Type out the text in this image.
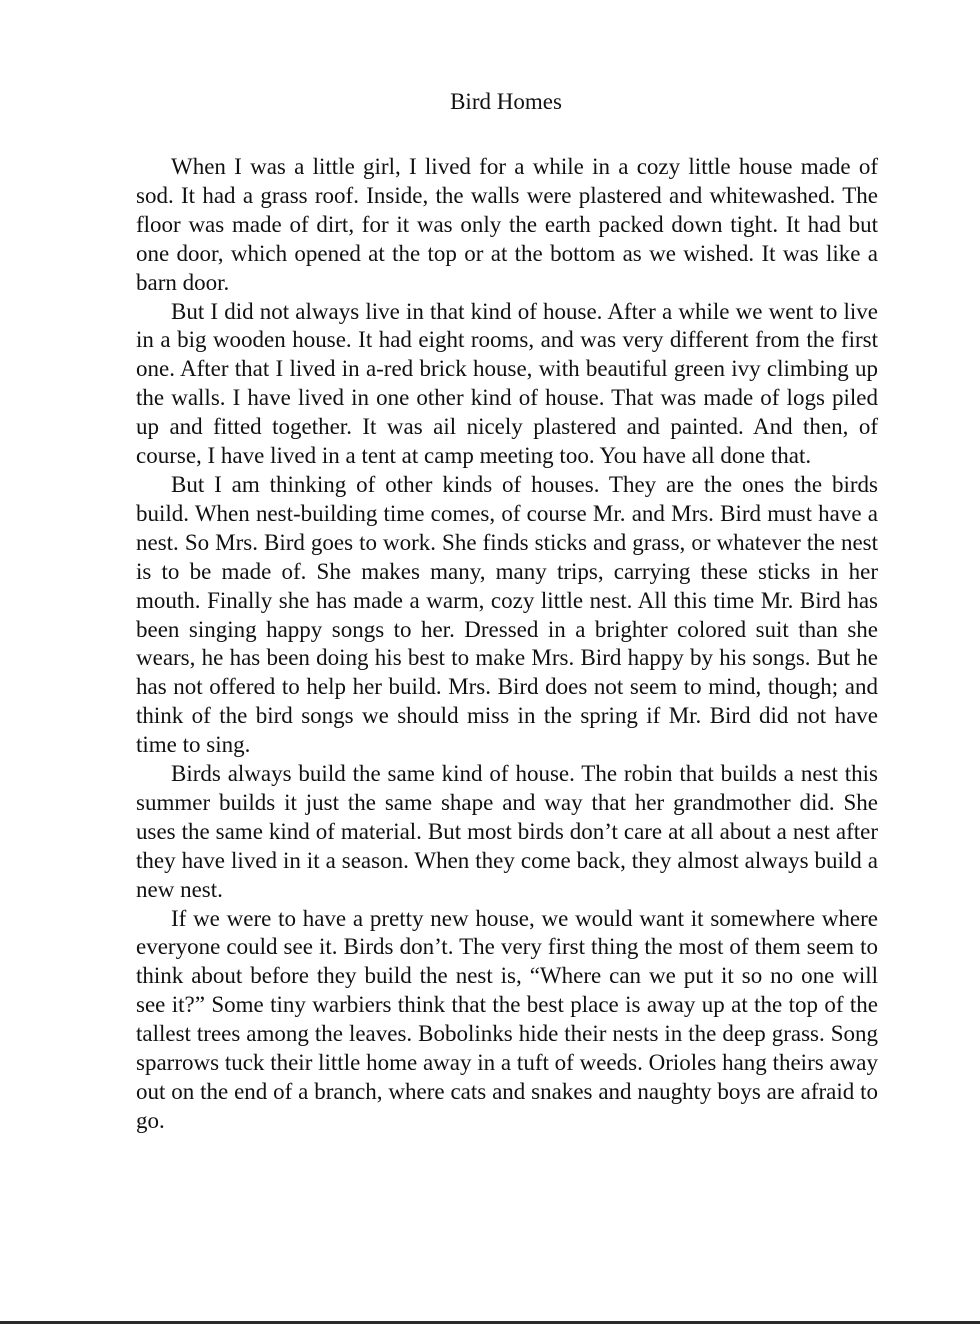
Bird Homes

When I was a little girl, I lived for a while in a cozy little house made of sod. It had a grass roof. Inside, the walls were plastered and whitewashed. The floor was made of dirt, for it was only the earth packed down tight. It had but one door, which opened at the top or at the bottom as we wished. It was like a barn door.

But I did not always live in that kind of house. After a while we went to live in a big wooden house. It had eight rooms, and was very different from the first one. After that I lived in a-red brick house, with beautiful green ivy climbing up the walls. I have lived in one other kind of house. That was made of logs piled up and fitted together. It was ail nicely plastered and painted. And then, of course, I have lived in a tent at camp meeting too. You have all done that.

But I am thinking of other kinds of houses. They are the ones the birds build. When nest-building time comes, of course Mr. and Mrs. Bird must have a nest. So Mrs. Bird goes to work. She finds sticks and grass, or whatever the nest is to be made of. She makes many, many trips, carrying these sticks in her mouth. Finally she has made a warm, cozy little nest. All this time Mr. Bird has been singing happy songs to her. Dressed in a brighter colored suit than she wears, he has been doing his best to make Mrs. Bird happy by his songs. But he has not offered to help her build. Mrs. Bird does not seem to mind, though; and think of the bird songs we should miss in the spring if Mr. Bird did not have time to sing.

Birds always build the same kind of house. The robin that builds a nest this summer builds it just the same shape and way that her grandmother did. She uses the same kind of material. But most birds don’t care at all about a nest after they have lived in it a season. When they come back, they almost always build a new nest.

If we were to have a pretty new house, we would want it somewhere where everyone could see it. Birds don’t. The very first thing the most of them seem to think about before they build the nest is, “Where can we put it so no one will see it?” Some tiny warbiers think that the best place is away up at the top of the tallest trees among the leaves. Bobolinks hide their nests in the deep grass. Song sparrows tuck their little home away in a tuft of weeds. Orioles hang theirs away out on the end of a branch, where cats and snakes and naughty boys are afraid to go.
